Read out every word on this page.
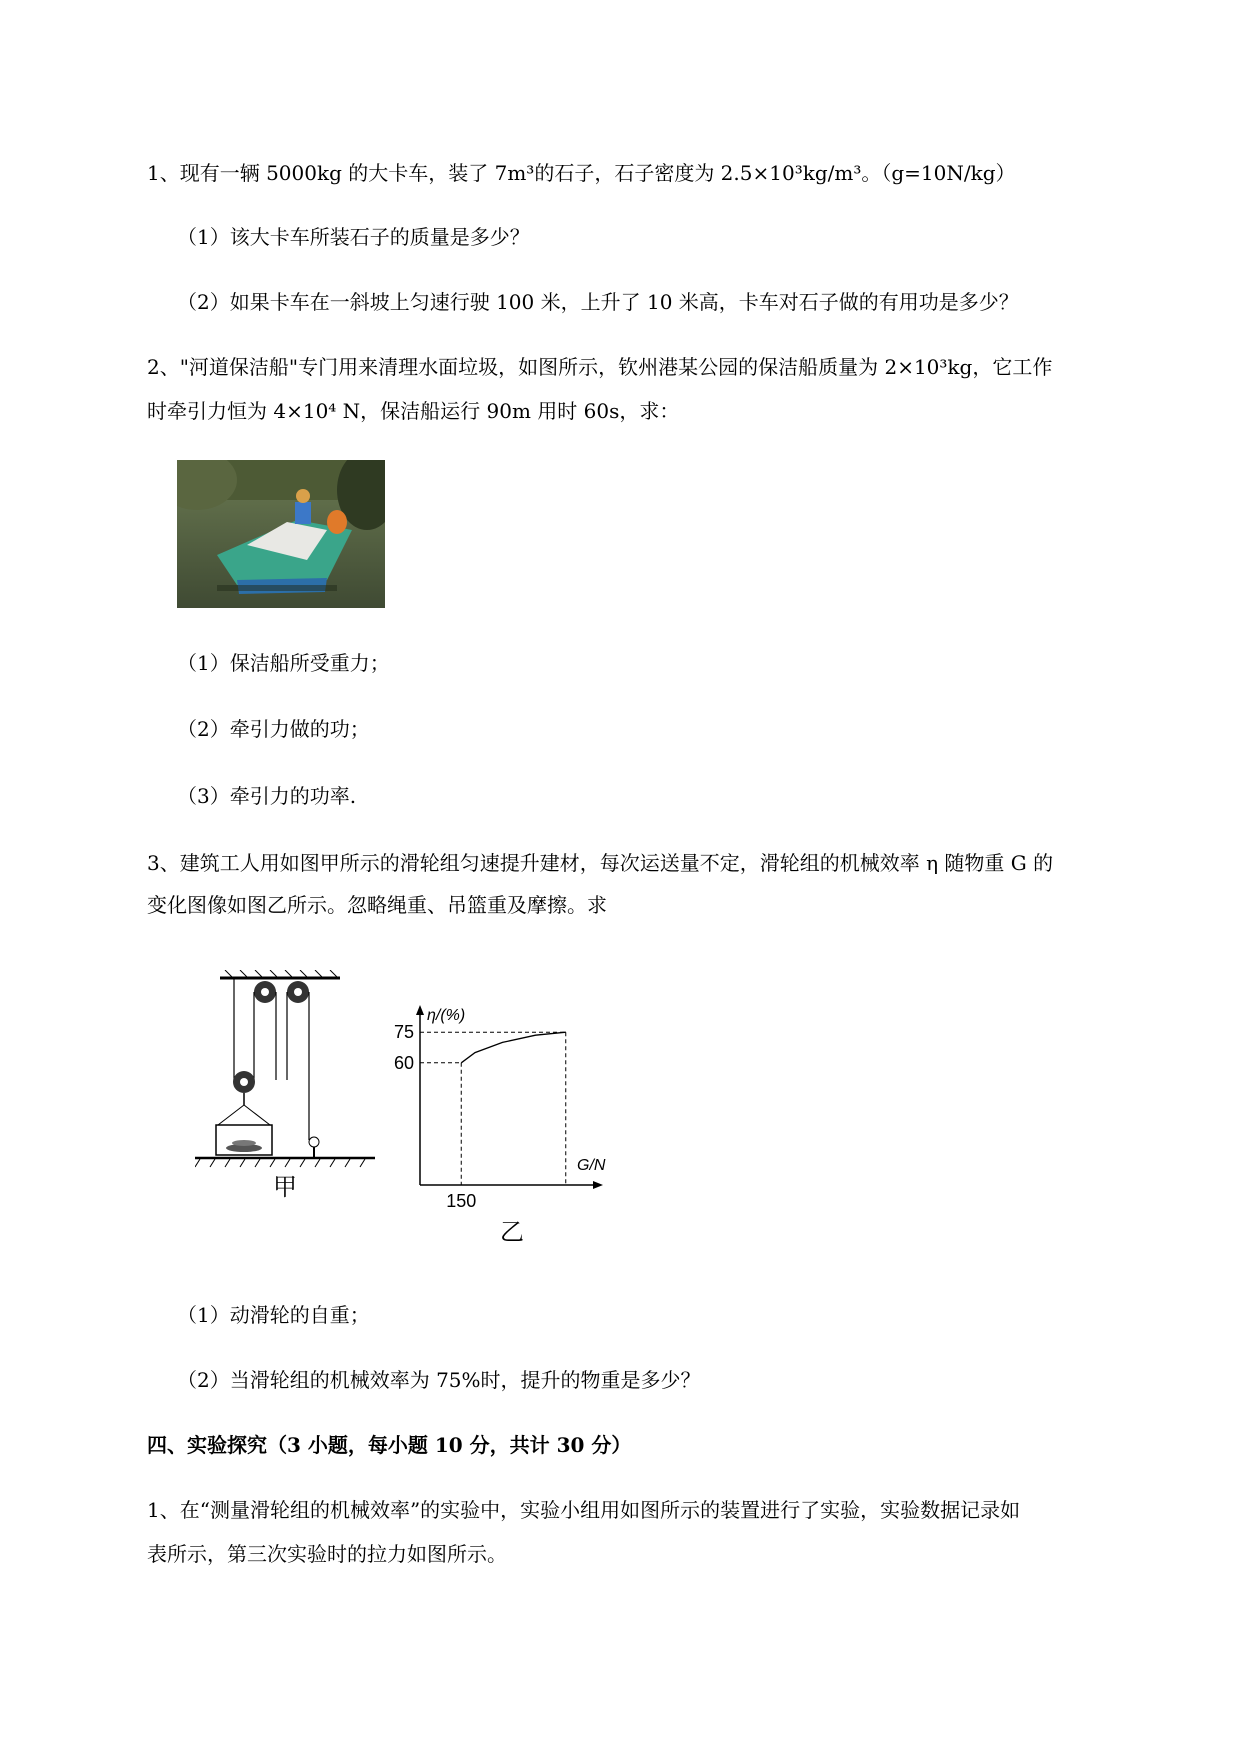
1、现有一辆 5000kg 的大卡车，装了 7m³的石子，石子密度为 2.5×10³kg/m³。（g=10N/kg）
（1）该大卡车所装石子的质量是多少？
（2）如果卡车在一斜坡上匀速行驶 100 米，上升了 10 米高，卡车对石子做的有用功是多少？
2、"河道保洁船"专门用来清理水面垃圾，如图所示，钦州港某公园的保洁船质量为 2×10³kg，它工作
时牵引力恒为 4×10⁴ N，保洁船运行 90m 用时 60s，求：
（1）保洁船所受重力；
（2）牵引力做的功；
（3）牵引力的功率.
3、建筑工人用如图甲所示的滑轮组匀速提升建材，每次运送量不定，滑轮组的机械效率 η 随物重 G 的
变化图像如图乙所示。忽略绳重、吊篮重及摩擦。求
甲
η/(%)
G/N
60
75
150
乙
（1）动滑轮的自重；
（2）当滑轮组的机械效率为 75%时，提升的物重是多少？
四、实验探究（3 小题，每小题 10 分，共计 30 分）
1、在“测量滑轮组的机械效率”的实验中，实验小组用如图所示的装置进行了实验，实验数据记录如
表所示，第三次实验时的拉力如图所示。
